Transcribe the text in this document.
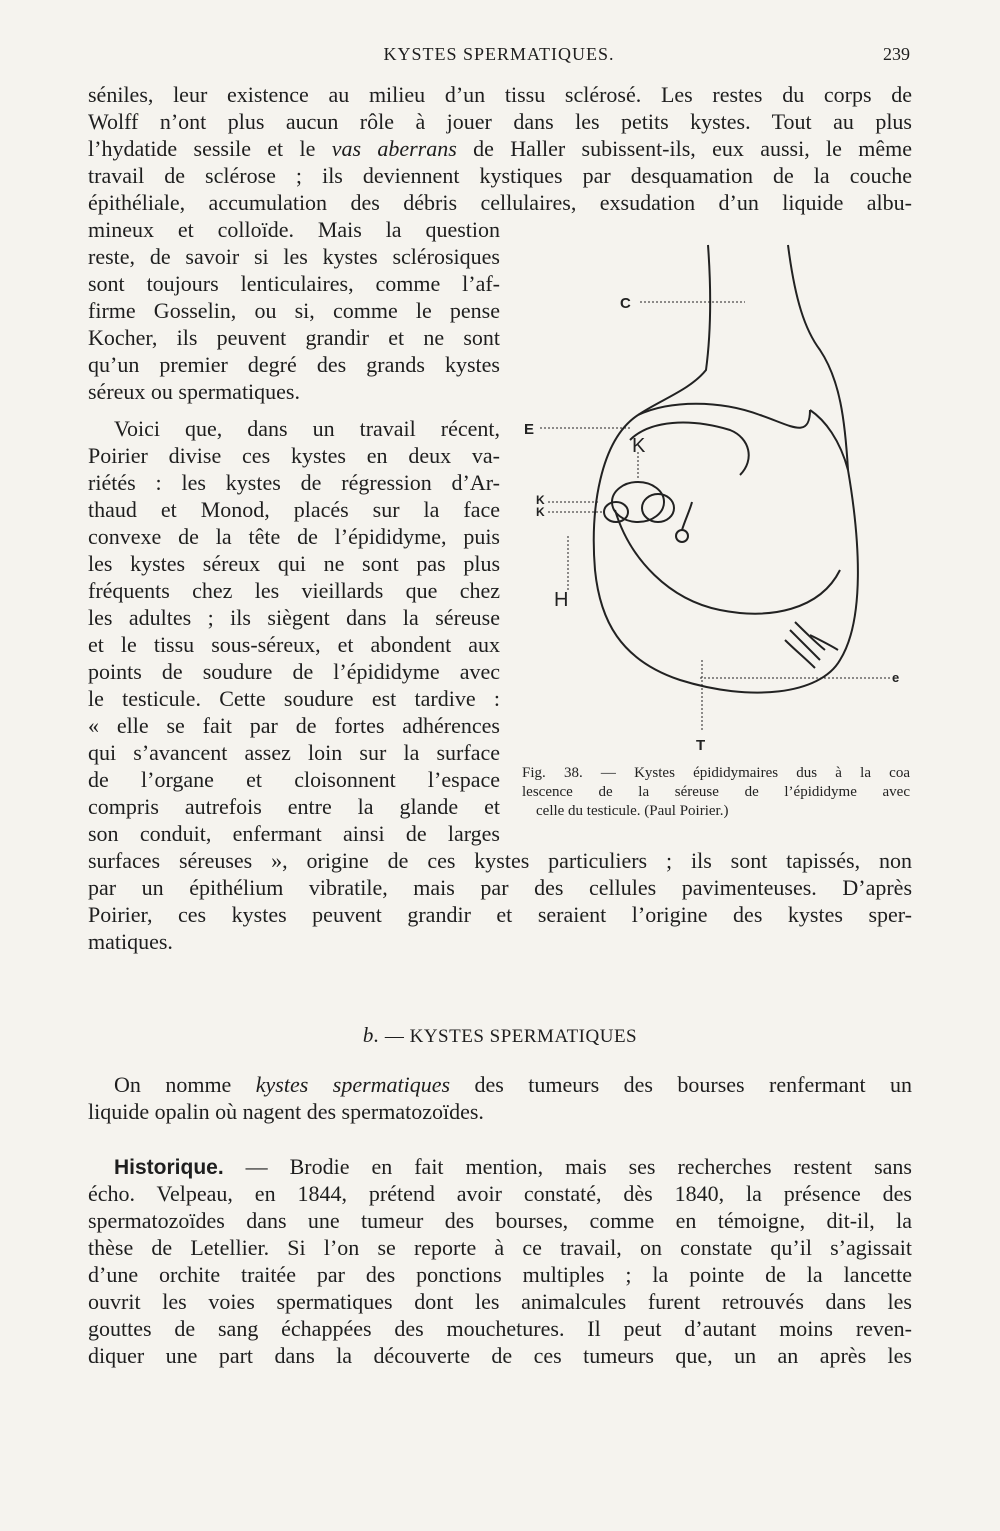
KYSTES SPERMATIQUES.	239
séniles, leur existence au milieu d’un tissu sclérosé. Les restes du corps de
Wolff n’ont plus aucun rôle à jouer dans les petits kystes. Tout au plus
l’hydatide sessile et le vas aberrans de Haller subissent-ils, eux aussi, le même
travail de sclérose ; ils deviennent kystiques par desquamation de la couche
épithéliale, accumulation des débris cellulaires, exsudation d’un liquide albu-
mineux et colloïde. Mais la question
reste, de savoir si les kystes sclérosiques
sont toujours lenticulaires, comme l’af-
firme Gosselin, ou si, comme le pense
Kocher, ils peuvent grandir et ne sont
qu’un premier degré des grands kystes
séreux ou spermatiques.
Voici que, dans un travail récent,
Poirier divise ces kystes en deux va-
riétés : les kystes de régression d’Ar-
thaud et Monod, placés sur la face
convexe de la tête de l’épididyme, puis
les kystes séreux qui ne sont pas plus
fréquents chez les vieillards que chez
les adultes ; ils siègent dans la séreuse
et le tissu sous-séreux, et abondent aux
points de soudure de l’épididyme avec
le testicule. Cette soudure est tardive :
« elle se fait par de fortes adhérences
qui s’avancent assez loin sur la surface
de l’organe et cloisonnent l’espace
compris autrefois entre la glande et
son conduit, enfermant ainsi de larges
surfaces séreuses », origine de ces kystes particuliers ; ils sont tapissés, non
par un épithélium vibratile, mais par des cellules pavimenteuses. D’après
Poirier, ces kystes peuvent grandir et seraient l’origine des kystes sper-
matiques.
On nomme kystes spermatiques des tumeurs des bourses renfermant un
liquide opalin où nagent des spermatozoïdes.
Historique. — Brodie en fait mention, mais ses recherches restent sans
écho. Velpeau, en 1844, prétend avoir constaté, dès 1840, la présence des
spermatozoïdes dans une tumeur des bourses, comme en témoigne, dit-il, la
thèse de Letellier. Si l’on se reporte à ce travail, on constate qu’il s’agissait
d’une orchite traitée par des ponctions multiples ; la pointe de la lancette
ouvrit les voies spermatiques dont les animalcules furent retrouvés dans les
gouttes de sang échappées des mouchetures. Il peut d’autant moins reven-
diquer une part dans la découverte de ces tumeurs que, un an après les
C
E
K
K
K
H
e
T
Fig. 38. — Kystes épididymaires dus à la coa
lescence de la séreuse de l’épididyme avec
celle du testicule. (Paul Poirier.)
b. — KYSTES SPERMATIQUES
